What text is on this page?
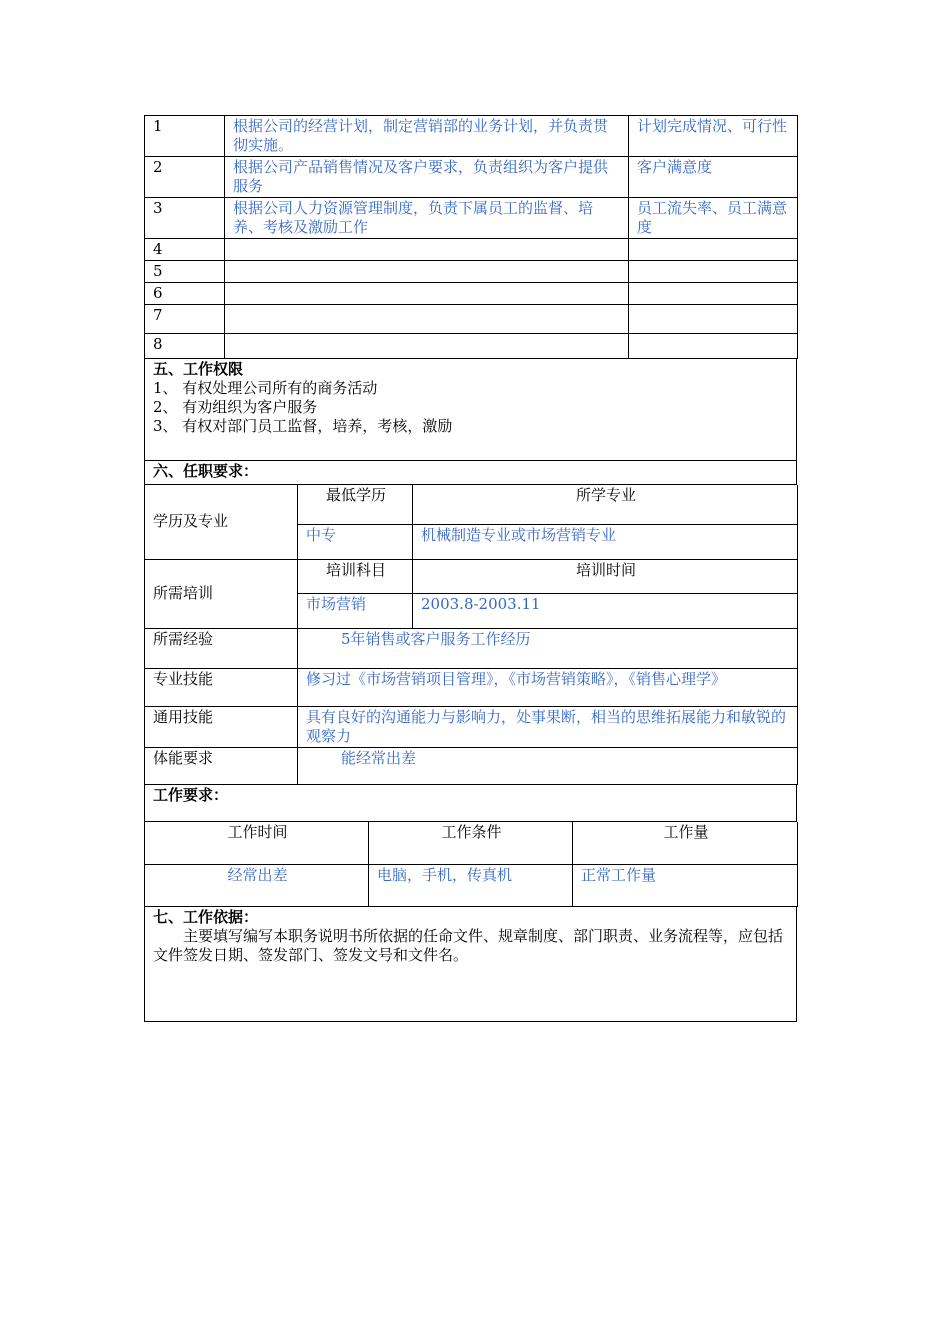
1	根据公司的经营计划，制定营销部的业务计划，并负责贯彻实施。	计划完成情况、可行性
2	根据公司产品销售情况及客户要求，负责组织为客户提供服务	客户满意度
3	根据公司人力资源管理制度，负责下属员工的监督、培养、考核及激励工作	员工流失率、员工满意度
4		
5		
6		
7		
8		

五、工作权限

1、 有权处理公司所有的商务活动

2、 有劝组织为客户服务

3、 有权对部门员工监督，培养，考核，激励

六、任职要求：
学历及专业	最低学历	所学专业
	中专	机械制造专业或市场营销专业
所需培训	培训科目	培训时间
	市场营销	2003.8-2003.11
所需经验	5年销售或客户服务工作经历	
专业技能	修习过《市场营销项目管理》，《市场营销策略》，《销售心理学》	
通用技能	具有良好的沟通能力与影响力，处事果断，相当的思维拓展能力和敏锐的观察力	
体能要求	能经常出差	
工作要求：
工作时间	工作条件	工作量
经常出差	电脑，手机，传真机	正常工作量

七、工作依据：

主要填写编写本职务说明书所依据的任命文件、规章制度、部门职责、业务流程等，应包括文件签发日期、签发部门、签发文号和文件名。
